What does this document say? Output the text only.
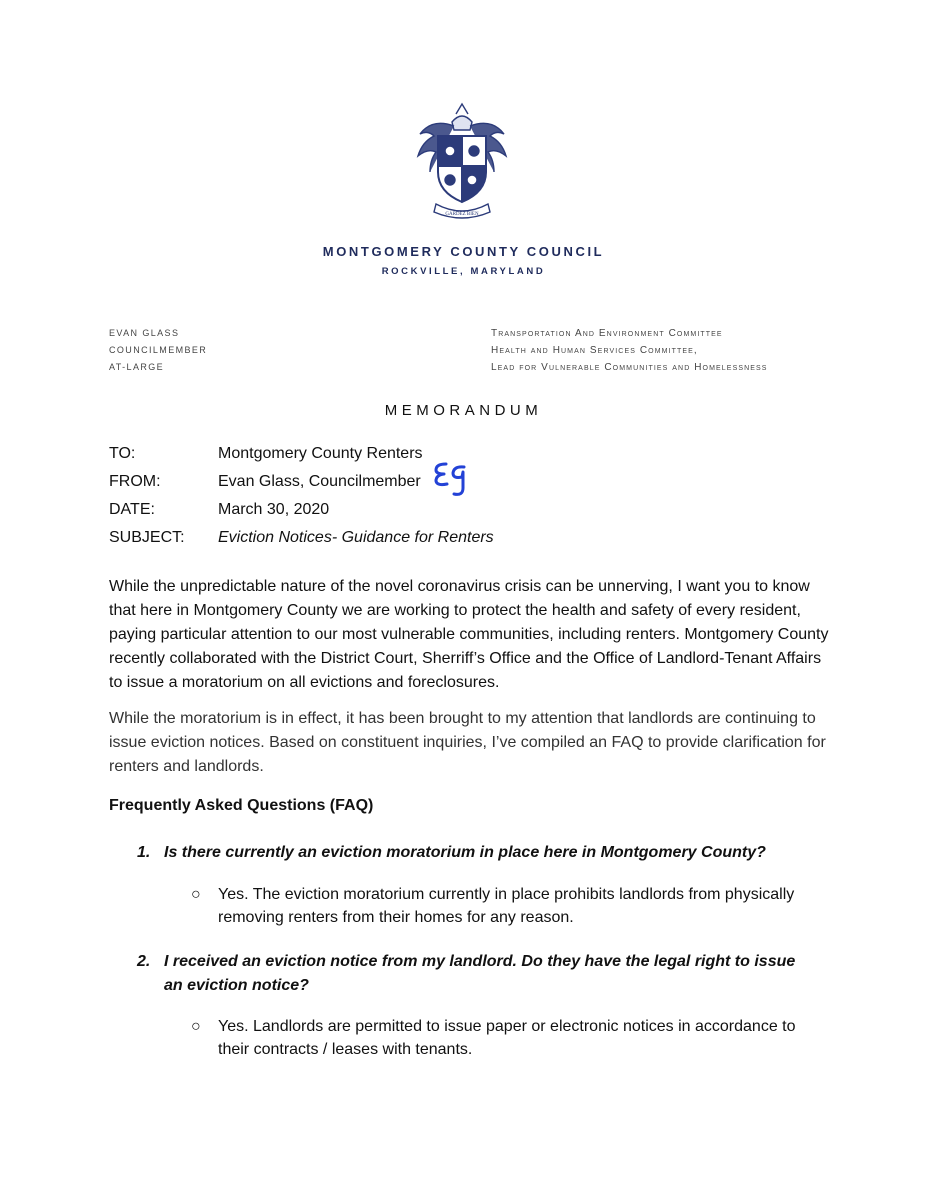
GARDEZ BIEN
MONTGOMERY COUNTY COUNCIL
ROCKVILLE, MARYLAND
EVAN GLASS
COUNCILMEMBER
AT-LARGE
Transportation And Environment Committee
Health and Human Services Committee,
Lead for Vulnerable Communities and Homelessness
MEMORANDUM
TO:	Montgomery County Renters
FROM:	Evan Glass, Councilmember
DATE:	March 30, 2020
SUBJECT:	Eviction Notices- Guidance for Renters
While the unpredictable nature of the novel coronavirus crisis can be unnerving, I want you to know that here in Montgomery County we are working to protect the health and safety of every resident, paying particular attention to our most vulnerable communities, including renters. Montgomery County recently collaborated with the District Court, Sherriff’s Office and the Office of Landlord-Tenant Affairs to issue a moratorium on all evictions and foreclosures.
While the moratorium is in effect, it has been brought to my attention that landlords are continuing to issue eviction notices. Based on constituent inquiries, I’ve compiled an FAQ to provide clarification for renters and landlords.
Frequently Asked Questions (FAQ)
1. Is there currently an eviction moratorium in place here in Montgomery County?
○ Yes. The eviction moratorium currently in place prohibits landlords from physically removing renters from their homes for any reason.
2. I received an eviction notice from my landlord. Do they have the legal right to issue an eviction notice?
○ Yes. Landlords are permitted to issue paper or electronic notices in accordance to their contracts / leases with tenants.
